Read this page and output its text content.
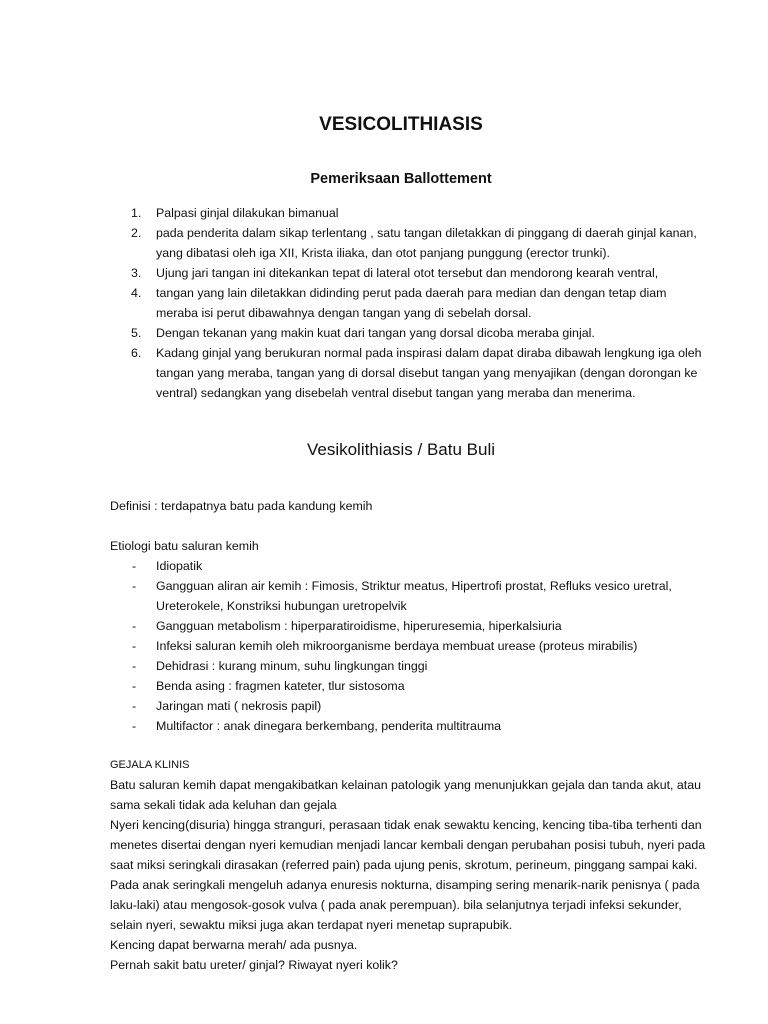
VESICOLITHIASIS
Pemeriksaan Ballottement
1. Palpasi ginjal dilakukan bimanual
2. pada penderita dalam sikap terlentang , satu tangan diletakkan di pinggang di daerah ginjal kanan, yang dibatasi oleh iga XII, Krista iliaka, dan otot panjang punggung (erector trunki).
3. Ujung jari tangan ini ditekankan tepat di lateral otot tersebut dan mendorong kearah ventral,
4. tangan yang lain diletakkan didinding perut pada daerah para median dan dengan tetap diam meraba isi perut dibawahnya dengan tangan yang di sebelah dorsal.
5. Dengan tekanan yang makin kuat dari tangan yang dorsal dicoba meraba ginjal.
6. Kadang ginjal yang berukuran normal pada inspirasi dalam dapat diraba dibawah lengkung iga oleh tangan yang meraba, tangan yang di dorsal disebut tangan yang menyajikan (dengan dorongan ke ventral) sedangkan yang disebelah ventral disebut tangan yang meraba dan menerima.
Vesikolithiasis / Batu Buli

Definisi : terdapatnya batu pada kandung kemih

Etiologi batu saluran kemih

- Idiopatik
- Gangguan aliran air kemih : Fimosis, Striktur meatus, Hipertrofi prostat, Refluks vesico uretral, Ureterokele, Konstriksi hubungan uretropelvik
- Gangguan metabolism : hiperparatiroidisme, hiperuresemia, hiperkalsiuria
- Infeksi saluran kemih oleh mikroorganisme berdaya membuat urease (proteus mirabilis)
- Dehidrasi : kurang minum, suhu lingkungan tinggi
- Benda asing : fragmen kateter, tlur sistosoma
- Jaringan mati ( nekrosis papil)
- Multifactor : anak dinegara berkembang, penderita multitrauma
GEJALA KLINIS

Batu saluran kemih dapat mengakibatkan kelainan patologik yang menunjukkan gejala dan tanda akut, atau sama sekali tidak ada keluhan dan gejala

Nyeri kencing(disuria) hingga stranguri, perasaan tidak enak sewaktu kencing, kencing tiba-tiba terhenti dan menetes disertai dengan nyeri kemudian menjadi lancar kembali dengan perubahan posisi tubuh, nyeri pada saat miksi seringkali dirasakan (referred pain) pada ujung penis, skrotum, perineum, pinggang sampai kaki. Pada anak seringkali mengeluh adanya enuresis nokturna, disamping sering menarik-narik penisnya ( pada laku-laki) atau mengosok-gosok vulva ( pada anak perempuan). bila selanjutnya terjadi infeksi sekunder, selain nyeri, sewaktu miksi juga akan terdapat nyeri menetap suprapubik.

Kencing dapat berwarna merah/ ada pusnya.

Pernah sakit batu ureter/ ginjal? Riwayat nyeri kolik?
